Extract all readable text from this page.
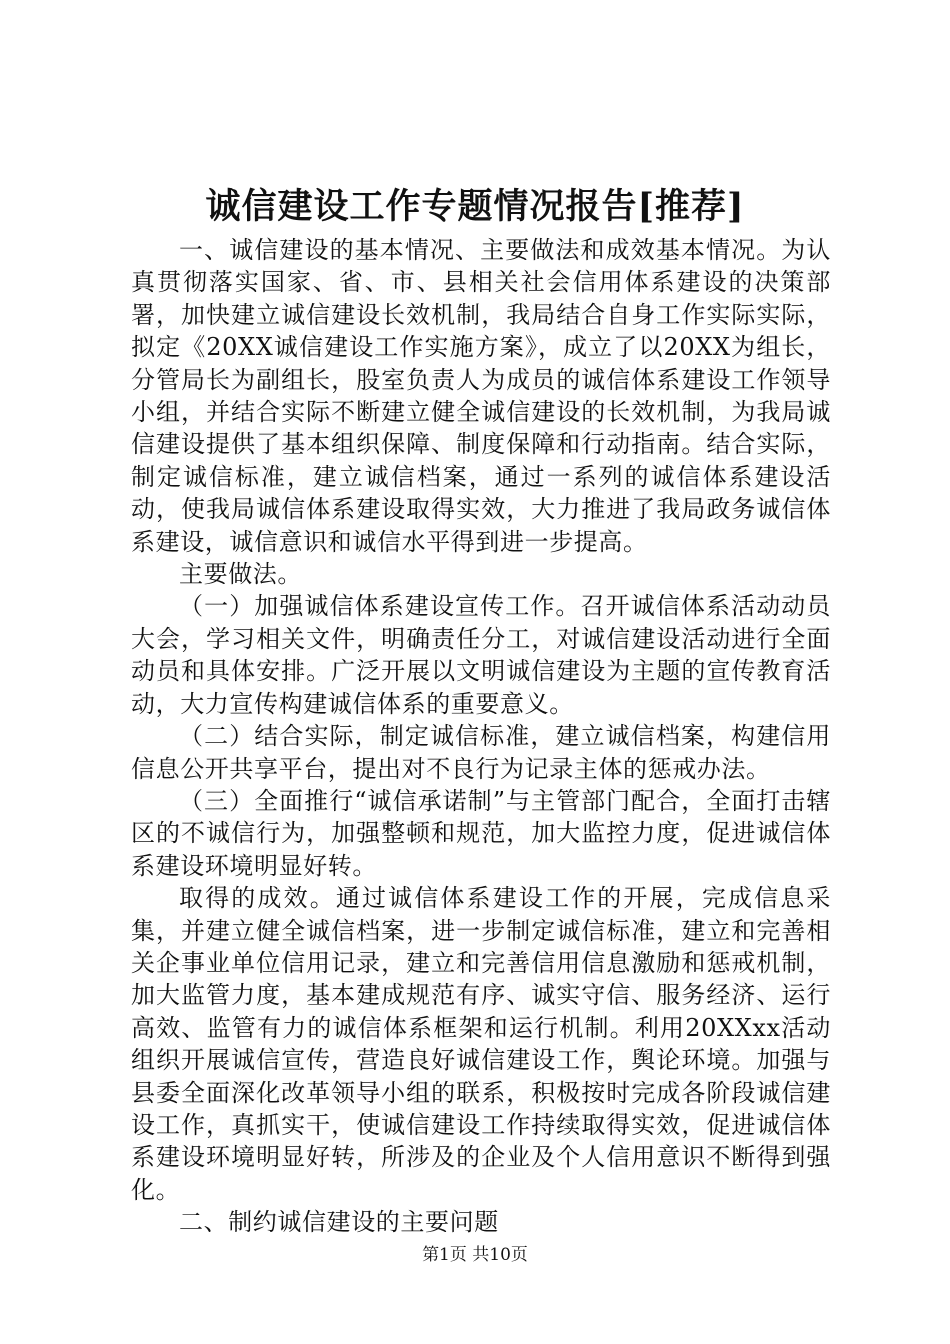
诚信建设工作专题情况报告[推荐]

一、诚信建设的基本情况、主要做法和成效基本情况。为认真贯彻落实国家、省、市、县相关社会信用体系建设的决策部署，加快建立诚信建设长效机制，我局结合自身工作实际实际，拟定《20XX诚信建设工作实施方案》，成立了以20XX为组长，分管局长为副组长，股室负责人为成员的诚信体系建设工作领导小组，并结合实际不断建立健全诚信建设的长效机制，为我局诚信建设提供了基本组织保障、制度保障和行动指南。结合实际，制定诚信标准，建立诚信档案，通过一系列的诚信体系建设活动，使我局诚信体系建设取得实效，大力推进了我局政务诚信体系建设，诚信意识和诚信水平得到进一步提高。

主要做法。

（一）加强诚信体系建设宣传工作。召开诚信体系活动动员大会，学习相关文件，明确责任分工，对诚信建设活动进行全面动员和具体安排。广泛开展以文明诚信建设为主题的宣传教育活动，大力宣传构建诚信体系的重要意义。

（二）结合实际，制定诚信标准，建立诚信档案，构建信用信息公开共享平台，提出对不良行为记录主体的惩戒办法。

（三）全面推行“诚信承诺制”与主管部门配合，全面打击辖区的不诚信行为，加强整顿和规范，加大监控力度，促进诚信体系建设环境明显好转。

取得的成效。通过诚信体系建设工作的开展，完成信息采集，并建立健全诚信档案，进一步制定诚信标准，建立和完善相关企事业单位信用记录，建立和完善信用信息激励和惩戒机制，加大监管力度，基本建成规范有序、诚实守信、服务经济、运行高效、监管有力的诚信体系框架和运行机制。利用20XXxx活动组织开展诚信宣传，营造良好诚信建设工作，舆论环境。加强与县委全面深化改革领导小组的联系，积极按时完成各阶段诚信建设工作，真抓实干，使诚信建设工作持续取得实效，促进诚信体系建设环境明显好转，所涉及的企业及个人信用意识不断得到强化。

二、制约诚信建设的主要问题

第1页 共10页
